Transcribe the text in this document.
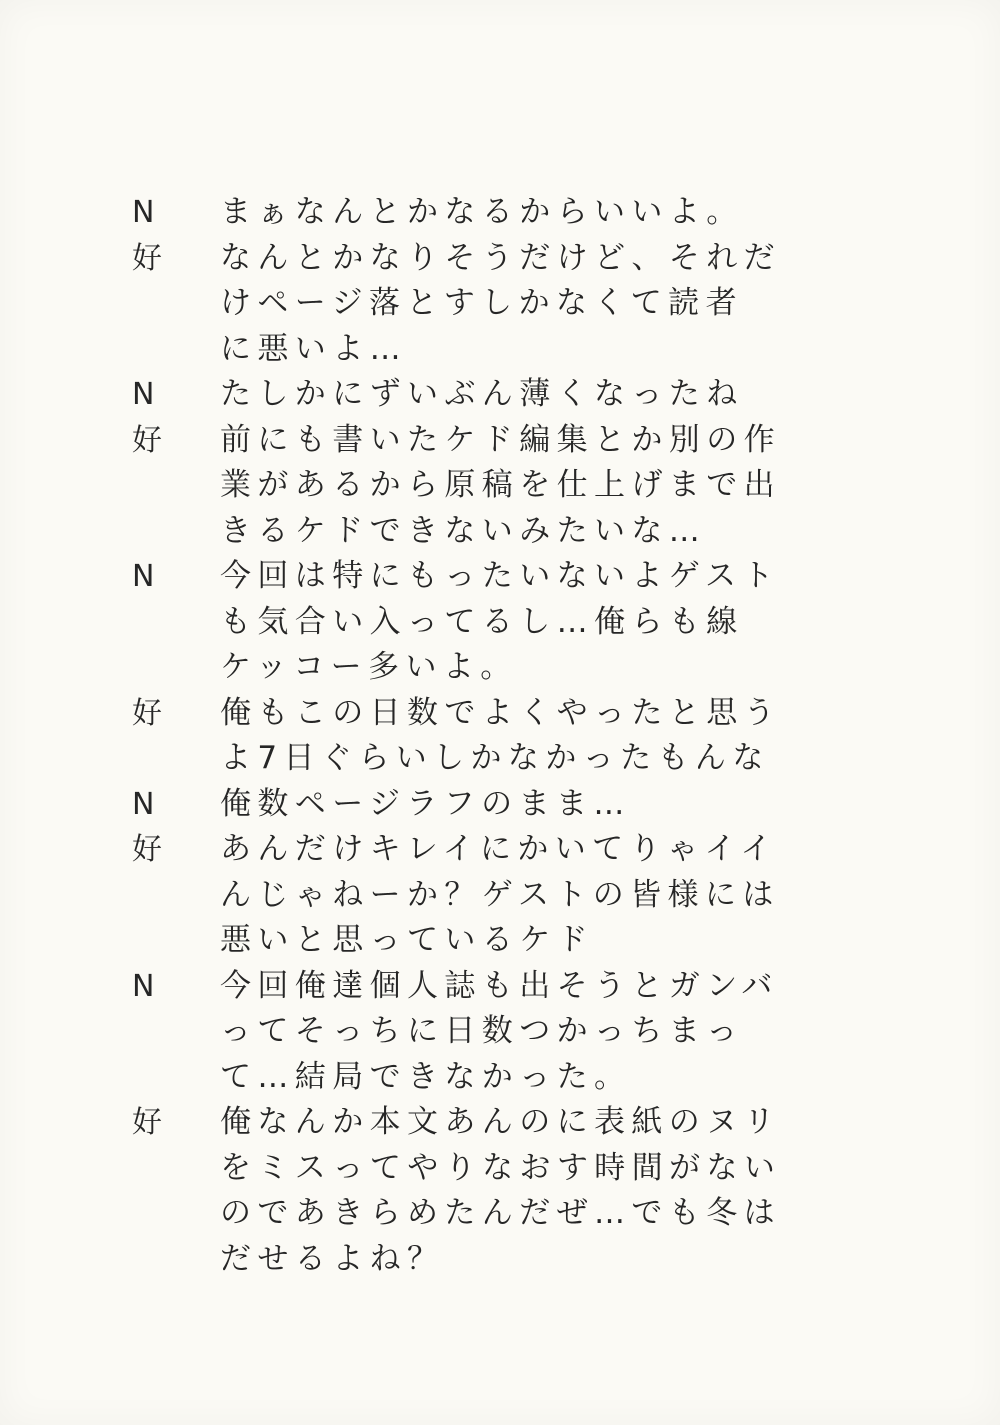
N	まぁなんとかなるからいいよ。
好	なんとかなりそうだけど、それだ
けページ落とすしかなくて読者
に悪いよ…
N	たしかにずいぶん薄くなったね
好	前にも書いたケド編集とか別の作
業があるから原稿を仕上げまで出
きるケドできないみたいな…
N	今回は特にもったいないよゲスト
も気合い入ってるし…俺らも線
ケッコー多いよ。
好	俺もこの日数でよくやったと思う
よ7日ぐらいしかなかったもんな
N	俺数ページラフのまま…
好	あんだけキレイにかいてりゃイイ
んじゃねーか？ゲストの皆様には
悪いと思っているケド
N	今回俺達個人誌も出そうとガンバ
ってそっちに日数つかっちまっ
て…結局できなかった。
好	俺なんか本文あんのに表紙のヌリ
をミスってやりなおす時間がない
のであきらめたんだぜ…でも冬は
だせるよね？
